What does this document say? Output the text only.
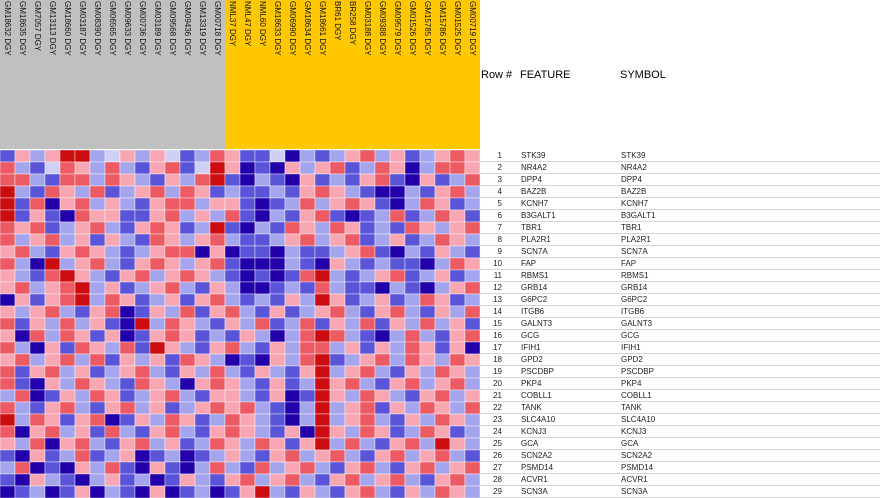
GM18632 DGY GM18635 DGY GM7057 DGY GM13113 DGY GM18660 DGY GM03187 DGY GM08390 DGY GM06565 DGY GM09633 DGY GM00736 DGY GM03189 DGY GM09568 DGY GM09436 DGY GM13319 DGY GM00718 DGY NML37 DGY NML47 DGY NML60 DGY GM18633 DGY GM06990 DGY GM18634 DGY GM18661 DGY BR61 DGY BR258 DGY GM03188 DGY GM09388 DGY GM09579 DGY GM01526 DGY GM15785 DGY GM15786 DGY GM01525 DGY GM00719 DGY
Row # FEATURE	SYMBOL
1 STK39	STK39
2 NR4A2	NR4A2
3 DPP4	DPP4
4 BAZ2B	BAZ2B
5 KCNH7	KCNH7
6 B3GALT1	B3GALT1
7 TBR1	TBR1
8 PLA2R1	PLA2R1
9 SCN7A	SCN7A
10 FAP	FAP
11 RBMS1	RBMS1
12 GRB14	GRB14
13 G6PC2	G6PC2
14 ITGB6	ITGB6
15 GALNT3	GALNT3
16 GCG	GCG
17 IFIH1	IFIH1
18 GPD2	GPD2
19 PSCDBP	PSCDBP
20 PKP4	PKP4
21 COBLL1	COBLL1
22 TANK	TANK
23 SLC4A10	SLC4A10
24 KCNJ3	KCNJ3
25 GCA	GCA
26 SCN2A2	SCN2A2
27 PSMD14	PSMD14
28 ACVR1	ACVR1
29 SCN3A	SCN3A
